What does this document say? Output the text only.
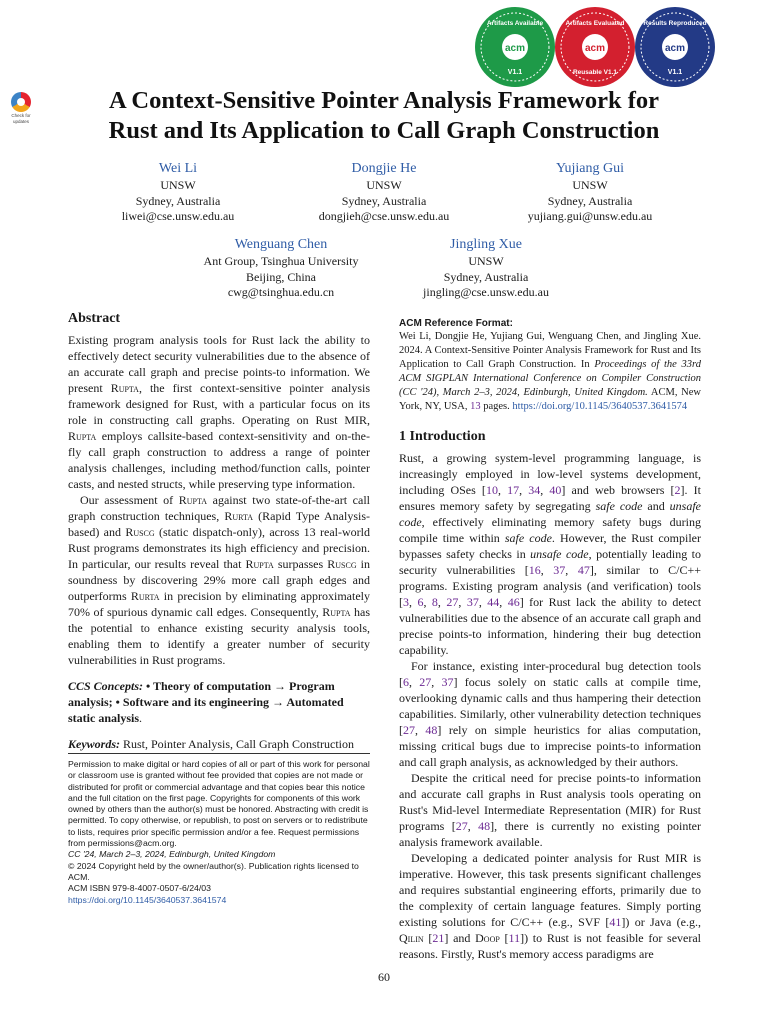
Check for
updates
acm
Artifacts Available
V1.1
acm
Artifacts Evaluated
Reusable V1.1
acm
Results Reproduced
V1.1
A Context-Sensitive Pointer Analysis Framework for
Rust and Its Application to Call Graph Construction
Wei Li
UNSW
Sydney, Australia
liwei@cse.unsw.edu.au
Dongjie He
UNSW
Sydney, Australia
dongjieh@cse.unsw.edu.au
Yujiang Gui
UNSW
Sydney, Australia
yujiang.gui@unsw.edu.au
Wenguang Chen
Ant Group, Tsinghua University
Beijing, China
cwg@tsinghua.edu.cn
Jingling Xue
UNSW
Sydney, Australia
jingling@cse.unsw.edu.au
Abstract

Existing program analysis tools for Rust lack the ability to effectively detect security vulnerabilities due to the absence of an accurate call graph and precise points-to information. We present Rupta, the first context-sensitive pointer analysis framework designed for Rust, with a particular focus on its role in constructing call graphs. Operating on Rust MIR, Rupta employs callsite-based context-sensitivity and on-the-fly call graph construction to address a range of pointer analysis challenges, including method/function calls, pointer casts, and nested structs, while preserving type information.

Our assessment of Rupta against two state-of-the-art call graph construction techniques, Rurta (Rapid Type Analysis-based) and Ruscg (static dispatch-only), across 13 real-world Rust programs demonstrates its high efficiency and precision. In particular, our results reveal that Rupta surpasses Ruscg in soundness by discovering 29% more call graph edges and outperforms Rurta in precision by eliminating approximately 70% of spurious dynamic call edges. Consequently, Rupta has the potential to enhance existing security analysis tools, enabling them to identify a greater number of security vulnerabilities in Rust programs.

CCS Concepts: • Theory of computation → Program analysis; • Software and its engineering → Automated static analysis.

Keywords: Rust, Pointer Analysis, Call Graph Construction

Permission to make digital or hard copies of all or part of this work for personal or classroom use is granted without fee provided that copies are not made or distributed for profit or commercial advantage and that copies bear this notice and the full citation on the first page. Copyrights for components of this work owned by others than the author(s) must be honored. Abstracting with credit is permitted. To copy otherwise, or republish, to post on servers or to redistribute to lists, requires prior specific permission and/or a fee. Request permissions from permissions@acm.org.

CC '24, March 2–3, 2024, Edinburgh, United Kingdom

© 2024 Copyright held by the owner/author(s). Publication rights licensed to ACM.

ACM ISBN 979-8-4007-0507-6/24/03

https://doi.org/10.1145/3640537.3641574

ACM Reference Format:

Wei Li, Dongjie He, Yujiang Gui, Wenguang Chen, and Jingling Xue. 2024. A Context-Sensitive Pointer Analysis Framework for Rust and Its Application to Call Graph Construction. In Proceedings of the 33rd ACM SIGPLAN International Conference on Compiler Construction (CC '24), March 2–3, 2024, Edinburgh, United Kingdom. ACM, New York, NY, USA, 13 pages. https://doi.org/10.1145/3640537.3641574

1 Introduction

Rust, a growing system-level programming language, is increasingly employed in low-level systems development, including OSes [10, 17, 34, 40] and web browsers [2]. It ensures memory safety by segregating safe code and unsafe code, effectively eliminating memory safety bugs during compile time within safe code. However, the Rust compiler bypasses safety checks in unsafe code, potentially leading to security vulnerabilities [16, 37, 47], similar to C/C++ programs. Existing program analysis (and verification) tools [3, 6, 8, 27, 37, 44, 46] for Rust lack the ability to detect vulnerabilities due to the absence of an accurate call graph and precise points-to information, hindering their bug detection capability.

For instance, existing inter-procedural bug detection tools [6, 27, 37] focus solely on static calls at compile time, overlooking dynamic calls and thus hampering their detection capabilities. Similarly, other vulnerability detection techniques [27, 48] rely on simple heuristics for alias computation, missing critical bugs due to imprecise points-to information and call graph analysis, as acknowledged by their authors.

Despite the critical need for precise points-to information and accurate call graphs in Rust analysis tools operating on Rust's Mid-level Intermediate Representation (MIR) for Rust programs [27, 48], there is currently no existing pointer analysis framework available.

Developing a dedicated pointer analysis for Rust MIR is imperative. However, this task presents significant challenges and requires substantial engineering efforts, primarily due to the complexity of certain language features. Simply porting existing solutions for C/C++ (e.g., SVF [41]) or Java (e.g., Qilin [21] and Doop [11]) to Rust is not feasible for several reasons. Firstly, Rust's memory access paradigms are

60
